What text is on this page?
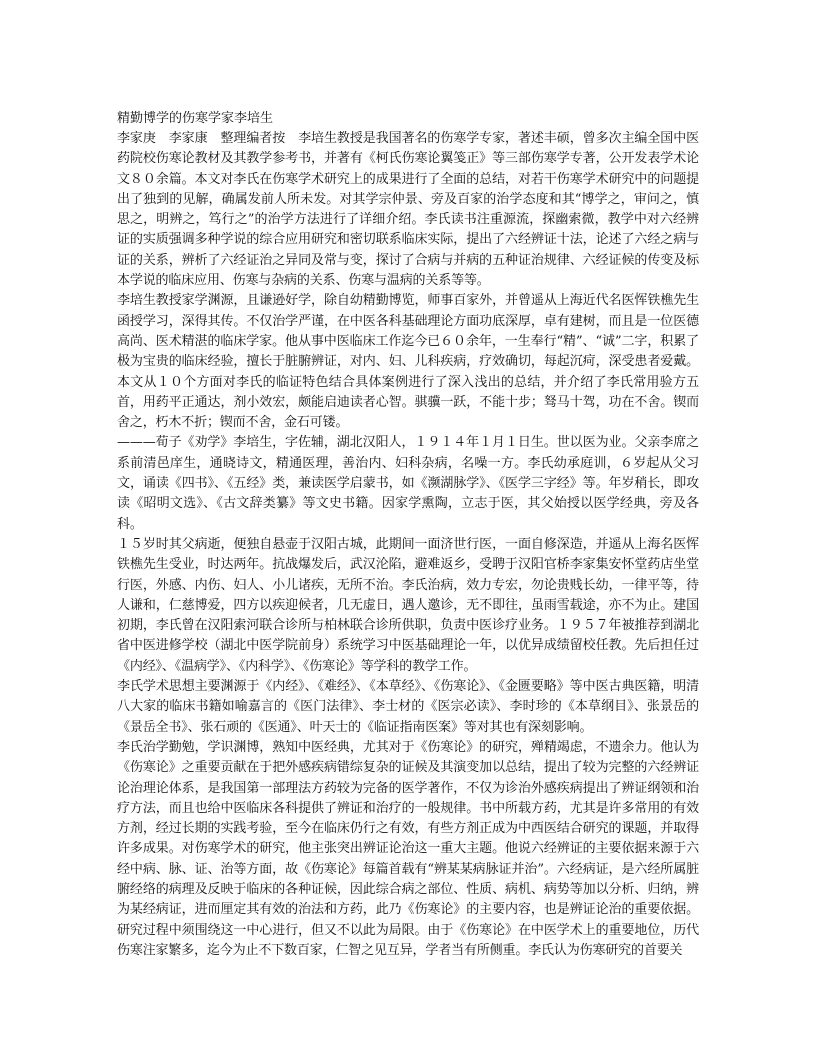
精勤博学的伤寒学家李培生

李家庚　李家康　整理编者按　李培生教授是我国著名的伤寒学专家，著述丰硕，曾多次主编全国中医药院校伤寒论教材及其教学参考书，并著有《柯氏伤寒论翼笺正》等三部伤寒学专著，公开发表学术论文８０余篇。本文对李氏在伤寒学术研究上的成果进行了全面的总结，对若干伤寒学术研究中的问题提出了独到的见解，确属发前人所未发。对其学宗仲景、旁及百家的治学态度和其“博学之，审问之，慎思之，明辨之，笃行之”的治学方法进行了详细介绍。李氏读书注重源流，探幽索微，教学中对六经辨证的实质强调多种学说的综合应用研究和密切联系临床实际，提出了六经辨证十法，论述了六经之病与证的关系，辨析了六经证治之异同及常与变，探讨了合病与并病的五种证治规律、六经证候的传变及标本学说的临床应用、伤寒与杂病的关系、伤寒与温病的关系等等。

李培生教授家学渊源，且谦逊好学，除自幼精勤博览，师事百家外，并曾遥从上海近代名医恽铁樵先生函授学习，深得其传。不仅治学严谨，在中医各科基础理论方面功底深厚，卓有建树，而且是一位医德高尚、医术精湛的临床学家。他从事中医临床工作迄今已６０余年，一生奉行“精”、“诚”二字，积累了极为宝贵的临床经验，擅长于脏腑辨证，对内、妇、儿科疾病，疗效确切，每起沉疴，深受患者爱戴。本文从１０个方面对李氏的临证特色结合具体案例进行了深入浅出的总结，并介绍了李氏常用验方五首，用药平正通达，剂小效宏，颇能启迪读者心智。骐骥一跃，不能十步；驽马十驾，功在不舍。锲而舍之，朽木不折；锲而不舍，金石可镂。

———荀子《劝学》李培生，字佐辅，湖北汉阳人，１９１４年１月１日生。世以医为业。父亲李席之系前清邑庠生，通晓诗文，精通医理，善治内、妇科杂病，名噪一方。李氏幼承庭训，６岁起从父习文，诵读《四书》、《五经》类，兼读医学启蒙书，如《濒湖脉学》、《医学三字经》等。年岁稍长，即攻读《昭明文选》、《古文辞类纂》等文史书籍。因家学熏陶，立志于医，其父始授以医学经典，旁及各科。

１５岁时其父病逝，便独自悬壶于汉阳古城，此期间一面济世行医，一面自修深造，并遥从上海名医恽铁樵先生受业，时达两年。抗战爆发后，武汉沦陷，避难返乡，受聘于汉阳官桥李家集安怀堂药店坐堂行医，外感、内伤、妇人、小儿诸疾，无所不治。李氏治病，效力专宏，勿论贵贱长幼，一律平等，待人谦和，仁慈博爱，四方以疾迎候者，几无虚日，遇人邀诊，无不即往，虽雨雪载途，亦不为止。建国初期，李氏曾在汉阳索河联合诊所与柏林联合诊所供职，负责中医诊疗业务。１９５７年被推荐到湖北省中医进修学校（湖北中医学院前身）系统学习中医基础理论一年，以优异成绩留校任教。先后担任过《内经》、《温病学》、《内科学》、《伤寒论》等学科的教学工作。

李氏学术思想主要渊源于《内经》、《难经》、《本草经》、《伤寒论》、《金匮要略》等中医古典医籍，明清八大家的临床书籍如喻嘉言的《医门法律》、李士材的《医宗必读》、李时珍的《本草纲目》、张景岳的《景岳全书》、张石顽的《医通》、叶天士的《临证指南医案》等对其也有深刻影响。

李氏治学勤勉，学识渊博，熟知中医经典，尤其对于《伤寒论》的研究，殚精竭虑，不遗余力。他认为《伤寒论》之重要贡献在于把外感疾病错综复杂的证候及其演变加以总结，提出了较为完整的六经辨证论治理论体系，是我国第一部理法方药较为完备的医学著作，不仅为诊治外感疾病提出了辨证纲领和治疗方法，而且也给中医临床各科提供了辨证和治疗的一般规律。书中所载方药，尤其是许多常用的有效方剂，经过长期的实践考验，至今在临床仍行之有效，有些方剂正成为中西医结合研究的课题，并取得许多成果。对伤寒学术的研究，他主张突出辨证论治这一重大主题。他说六经辨证的主要依据来源于六经中病、脉、证、治等方面，故《伤寒论》每篇首载有“辨某某病脉证并治”。六经病证，是六经所属脏腑经络的病理及反映于临床的各种证候，因此综合病之部位、性质、病机、病势等加以分析、归纳，辨为某经病证，进而厘定其有效的治法和方药，此乃《伤寒论》的主要内容，也是辨证论治的重要依据。研究过程中须围绕这一中心进行，但又不以此为局限。由于《伤寒论》在中医学术上的重要地位，历代伤寒注家繁多，迄今为止不下数百家，仁智之见互异，学者当有所侧重。李氏认为伤寒研究的首要关
